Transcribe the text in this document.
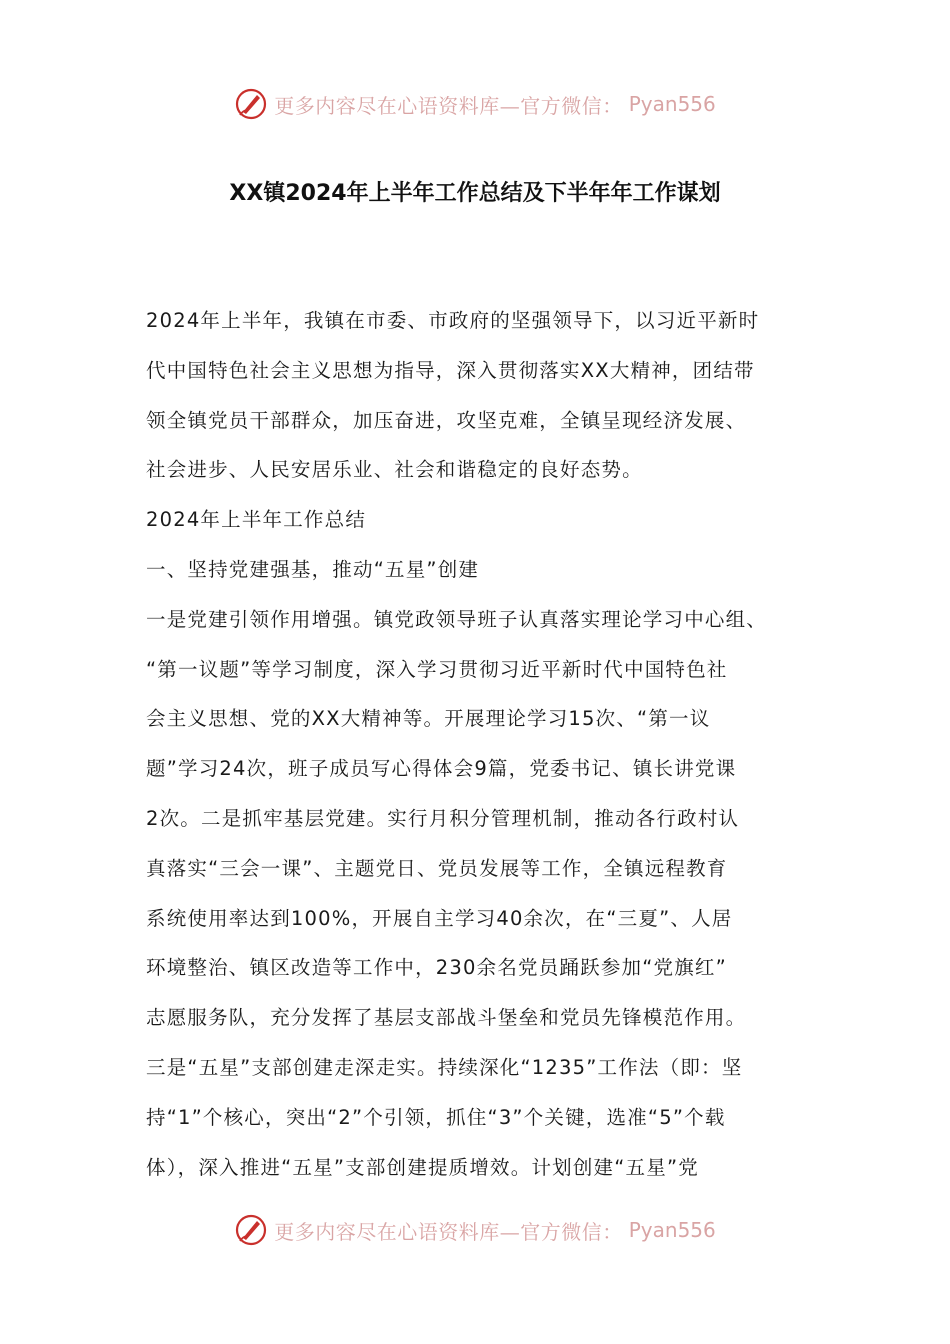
更多内容尽在心语资料库—官方微信： Pyan556
XX镇2024年上半年工作总结及下半年年工作谋划

2024年上半年，我镇在市委、市政府的坚强领导下，以习近平新时

代中国特色社会主义思想为指导，深入贯彻落实XX大精神，团结带

领全镇党员干部群众，加压奋进，攻坚克难，全镇呈现经济发展、

社会进步、人民安居乐业、社会和谐稳定的良好态势。

2024年上半年工作总结

一、坚持党建强基，推动“五星”创建

一是党建引领作用增强。镇党政领导班子认真落实理论学习中心组、

“第一议题”等学习制度，深入学习贯彻习近平新时代中国特色社

会主义思想、党的XX大精神等。开展理论学习15次、“第一议

题”学习24次，班子成员写心得体会9篇，党委书记、镇长讲党课

2次。二是抓牢基层党建。实行月积分管理机制，推动各行政村认

真落实“三会一课”、主题党日、党员发展等工作，全镇远程教育

系统使用率达到100%，开展自主学习40余次，在“三夏”、人居

环境整治、镇区改造等工作中，230余名党员踊跃参加“党旗红”

志愿服务队，充分发挥了基层支部战斗堡垒和党员先锋模范作用。

三是“五星”支部创建走深走实。持续深化“1235”工作法（即：坚

持“1”个核心，突出“2”个引领，抓住“3”个关键，选准“5”个载

体），深入推进“五星”支部创建提质增效。计划创建“五星”党

更多内容尽在心语资料库—官方微信： Pyan556
